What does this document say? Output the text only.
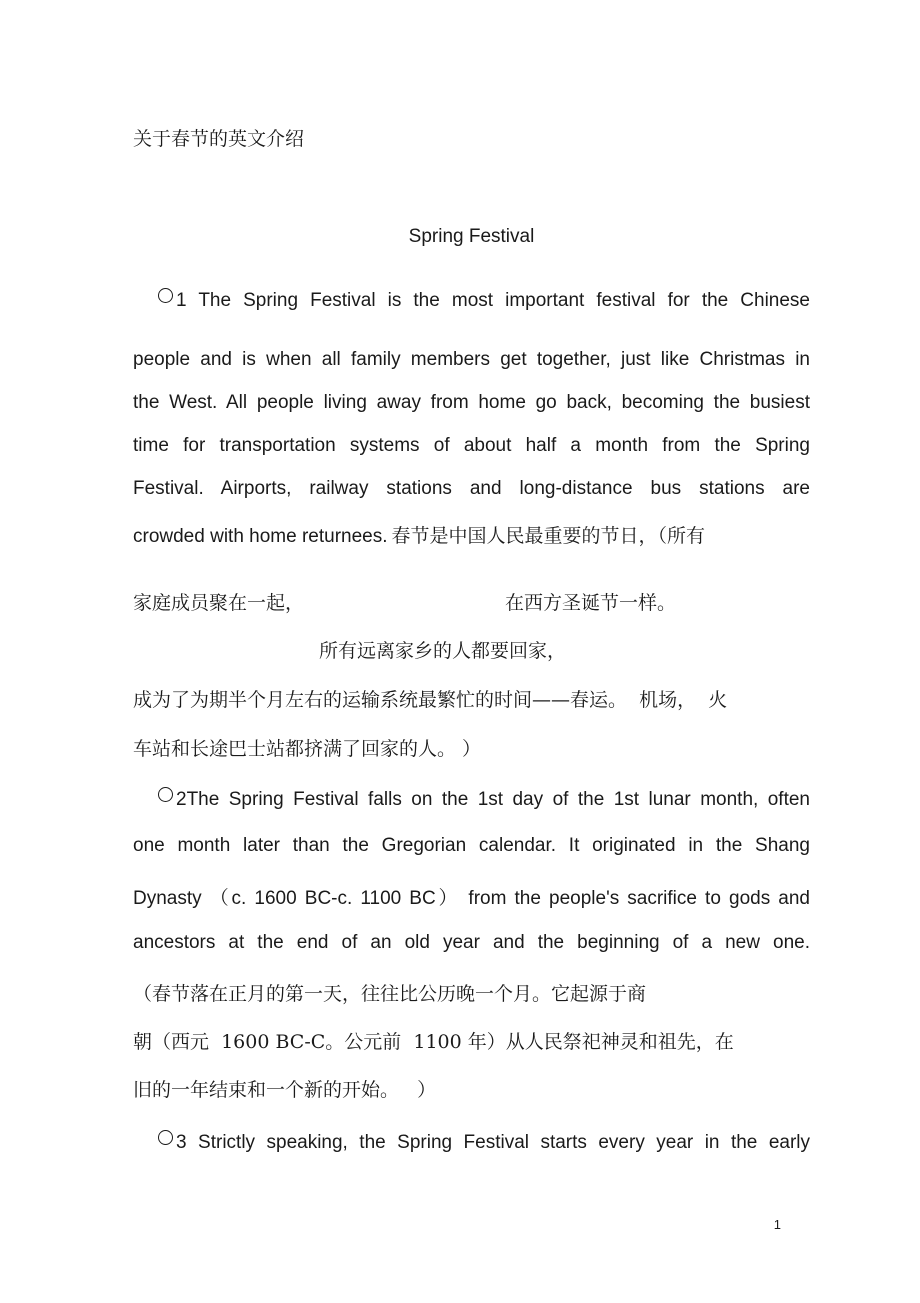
关于春节的英文介绍
Spring Festival
1 The Spring Festival is the most important festival for the Chinese
people and is when all family members get together, just like Christmas in
the West. All people living away from home go back, becoming the busiest
time for transportation systems of about half a month from the Spring
Festival. Airports, railway stations and long-distance bus stations are
crowded with home returnees. 春节是中国人民最重要的节日，（所有
家庭成员聚在一起，	在西方圣诞节一样。
所有远离家乡的人都要回家，
成为了为期半个月左右的运输系统最繁忙的时间——春运。  机场，  火
车站和长途巴士站都挤满了回家的人。 ）
2The Spring Festival falls on the 1st day of the 1st lunar month, often
one month later than the Gregorian calendar. It originated in the Shang
Dynasty （c. 1600 BC-c. 1100 BC） from the people's sacrifice to gods and
ancestors at the end of an old year and the beginning of a new one.
（春节落在正月的第一天，往往比公历晚一个月。它起源于商
朝（西元  1600 BC-C。公元前  1100 年）从人民祭祀神灵和祖先，在
旧的一年结束和一个新的开始。   ）
3 Strictly speaking, the Spring Festival starts every year in the early
1
